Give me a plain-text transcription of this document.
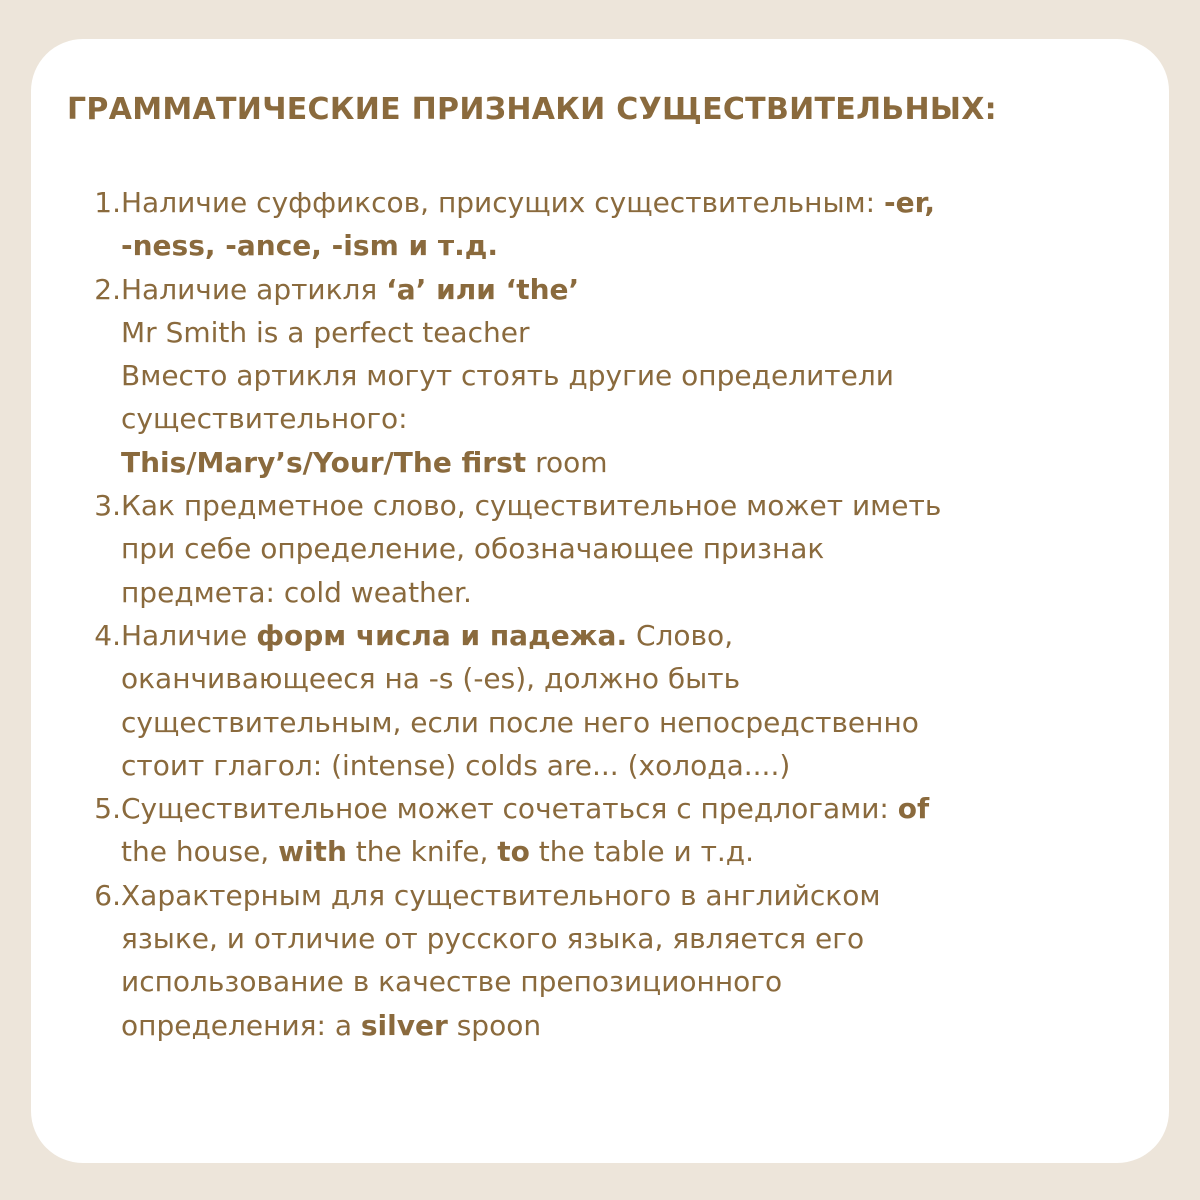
ГРАММАТИЧЕСКИЕ ПРИЗНАКИ СУЩЕСТВИТЕЛЬНЫХ:
1. Наличие суффиксов, присущих существительным: -er,
-ness, -ance, -ism и т.д.
2. Наличие артикля ‘a’ или ‘the’
Mr Smith is a perfect teacher
Вместо артикля могут стоять другие определители
существительного:
This/Mary’s/Your/The first room
3. Как предметное слово, существительное может иметь
при себе определение, обозначающее признак
предмета: cold weather.
4. Наличие форм числа и падежа. Слово,
оканчивающееся на -s (-es), должно быть
существительным, если после него непосредственно
стоит глагол: (intense) colds are... (холода....)
5. Существительное может сочетаться с предлогами: of
the house, with the knife, to the table и т.д.
6. Характерным для существительного в английском
языке, и отличие от русского языка, является его
использование в качестве препозиционного
определения: a silver spoon
